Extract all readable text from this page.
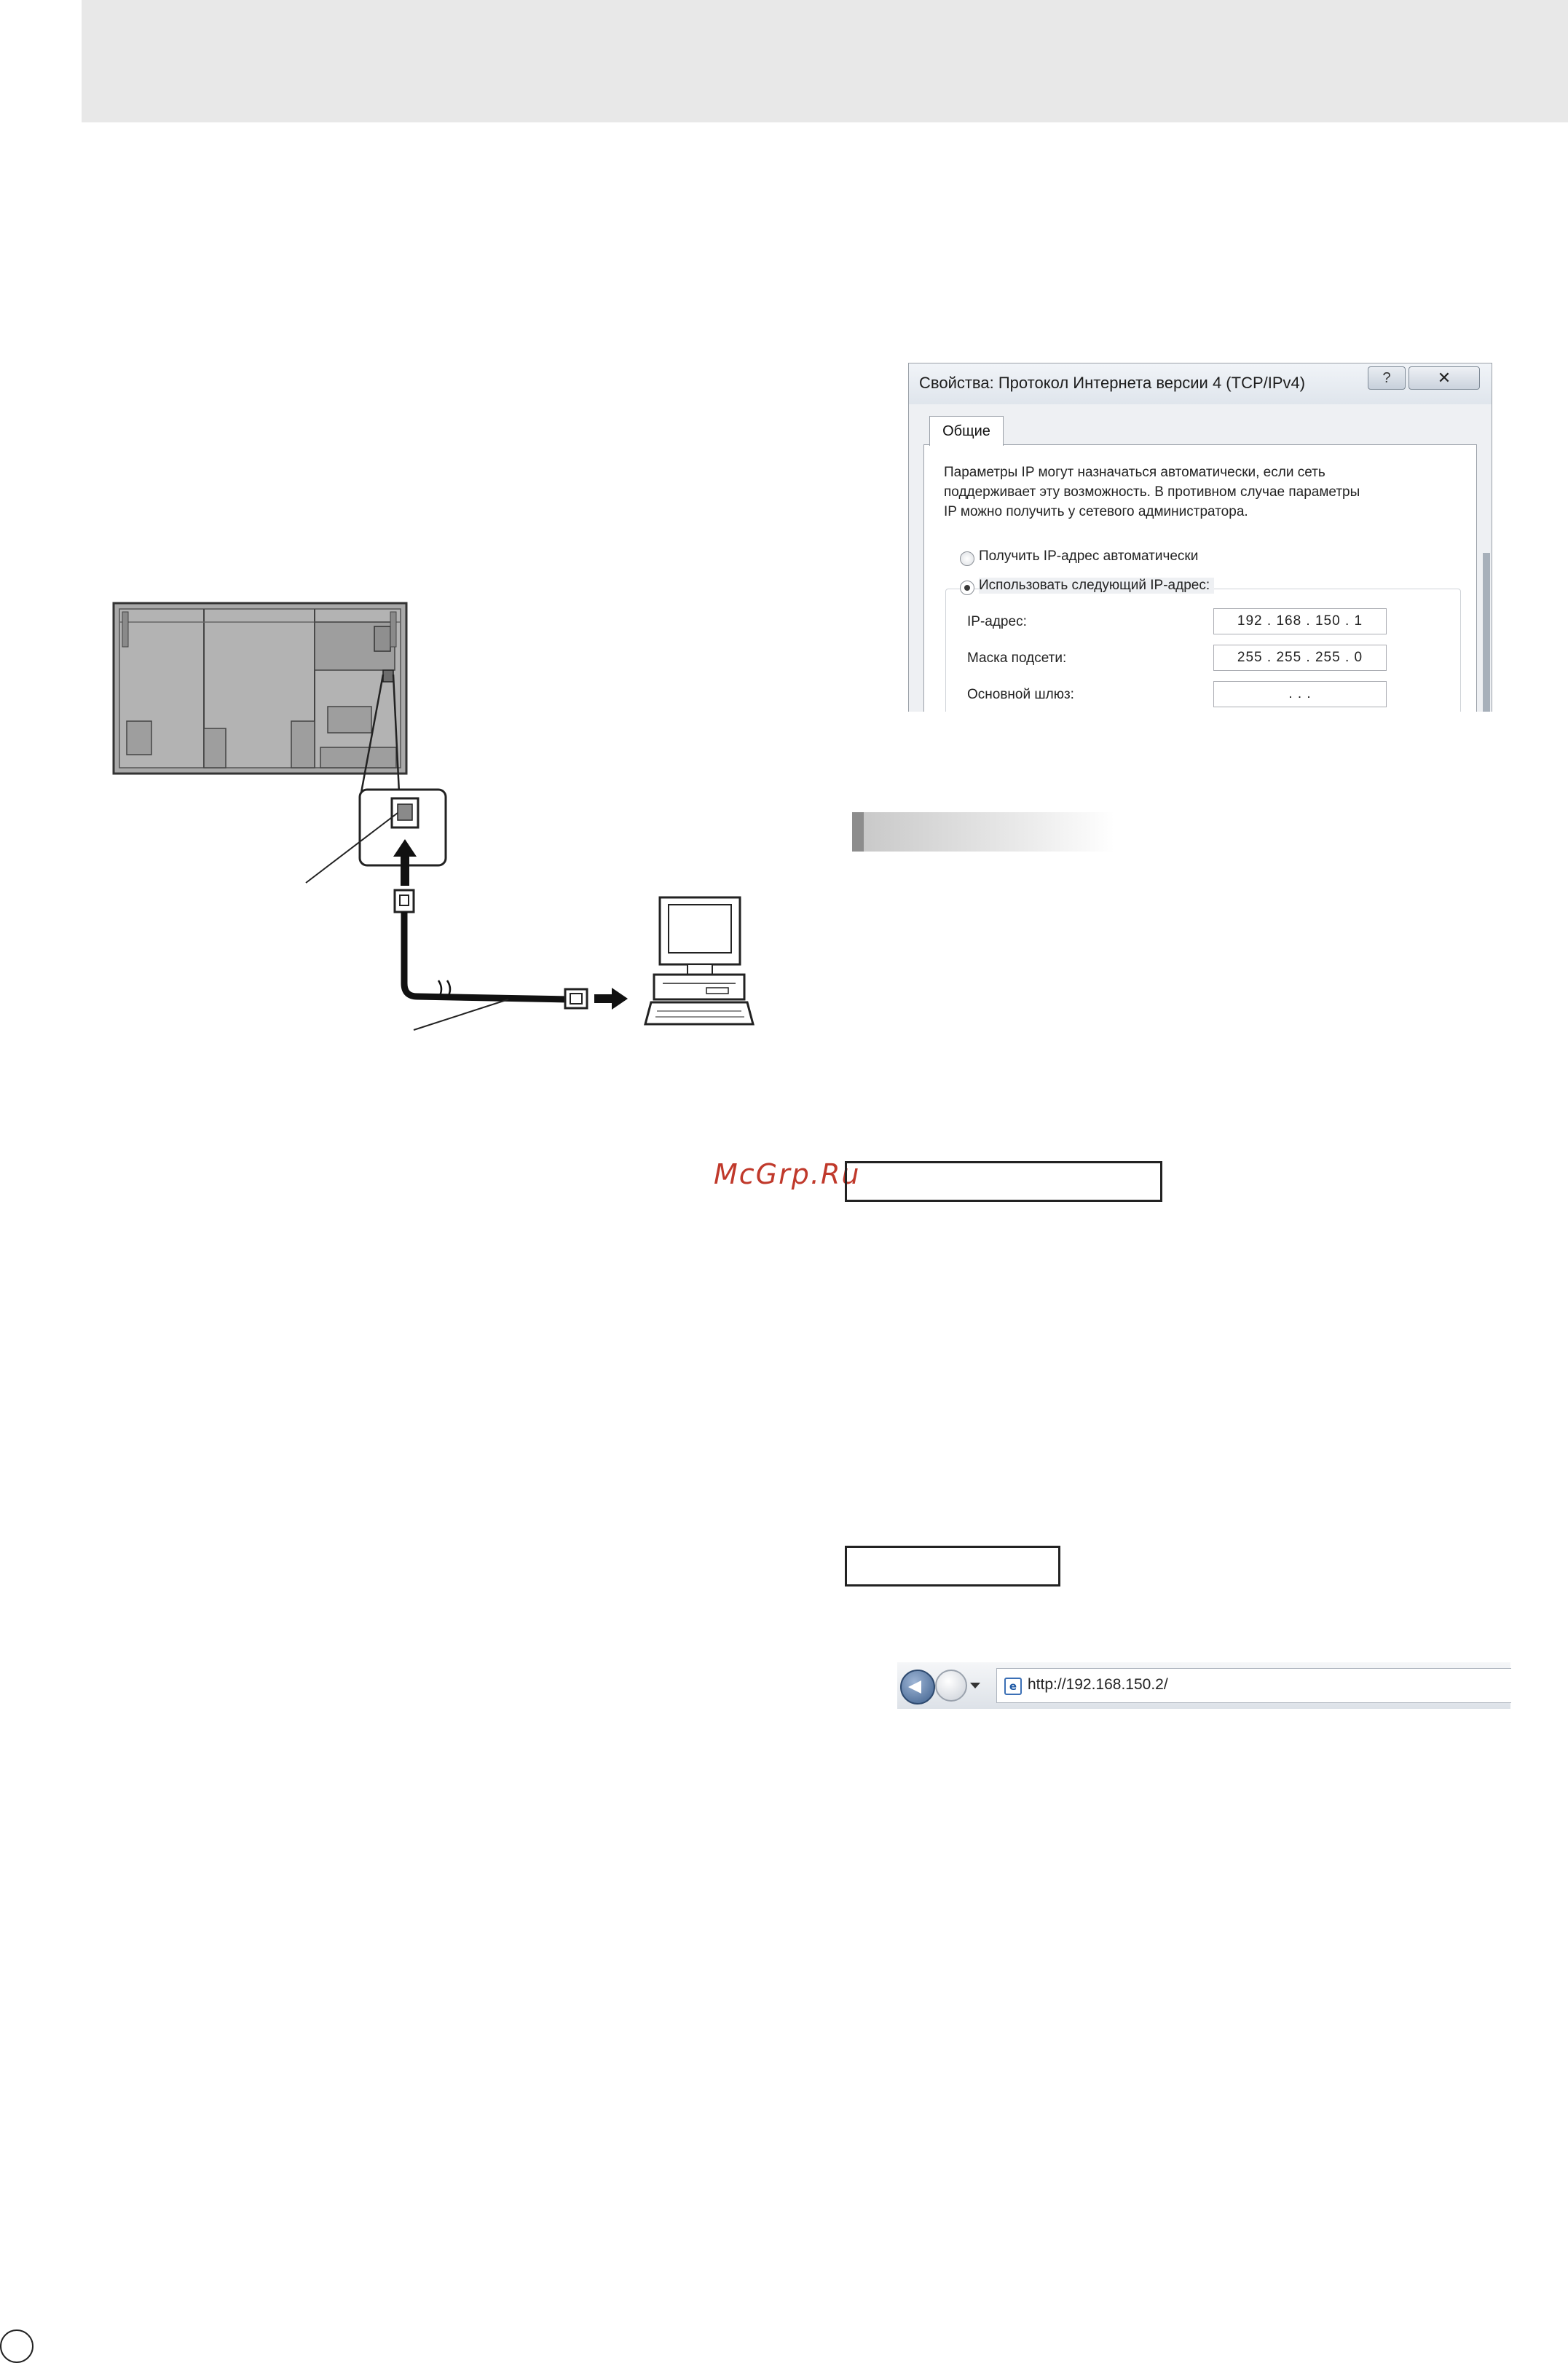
Свойства: Протокол Интернета версии 4 (TCP/IPv4)	?	✕
Общие
Параметры IP могут назначаться автоматически, если сеть
поддерживает эту возможность. В противном случае параметры
IP можно получить у сетевого администратора.
Получить IP-адрес автоматически
Использовать следующий IP-адрес:
IP-адрес:	192 . 168 . 150 . 1
Маска подсети:	255 . 255 . 255 . 0
Основной шлюз:	. . .
McGrp.Ru
e http://192.168.150.2/
